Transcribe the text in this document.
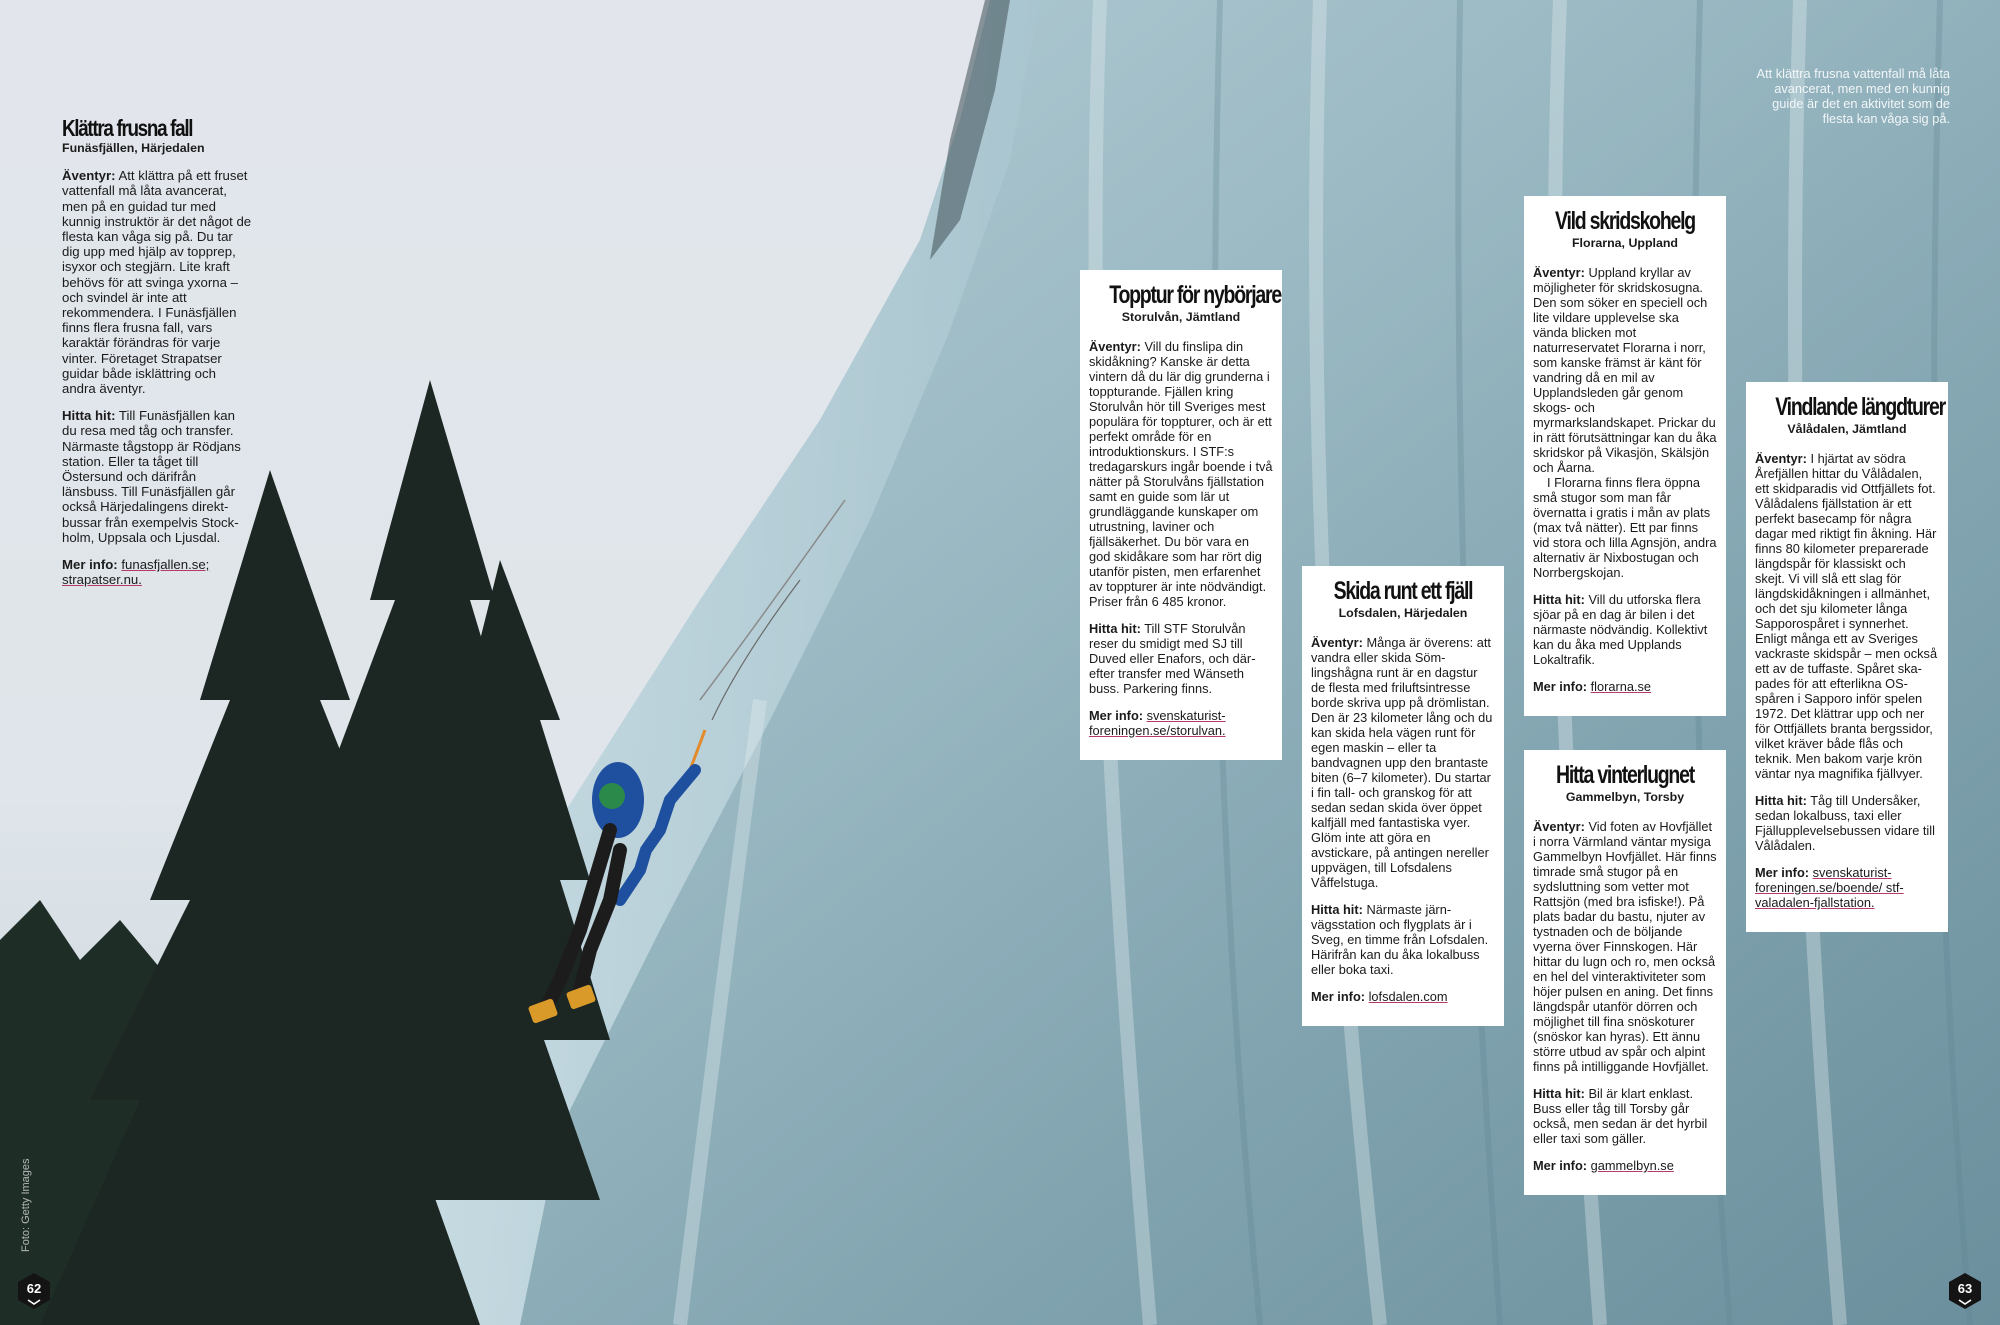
Klättra frusna fall
Funäsfjällen, Härjedalen

Äventyr: Att klättra på ett fruset vattenfall må låta avancerat, men på en guidad tur med kunnig instruktör är det något de flesta kan våga sig på. Du tar dig upp med hjälp av topprep, isyxor och stegjärn. Lite kraft behövs för att svinga yxorna – och svindel är inte att rekommendera. I Funäsfjällen finns flera frusna fall, vars karaktär förändras för varje vinter. Företaget Strapatser guidar både isklättring och andra äventyr.

Hitta hit: Till Funäsfjällen kan du resa med tåg och transfer. Närmaste tågstopp är Rödjans station. Eller ta tåget till Östersund och därifrån länsbuss. Till Funäsfjällen går också Härjedalingens direktbussar från exempelvis Stockholm, Uppsala och Ljusdal.

Mer info: funasfjallen.se; strapatser.nu.

Att klättra frusna vattenfall må låta avancerat, men med en kunnig guide är det en aktivitet som de flesta kan våga sig på.
Topptur för nybörjare
Storulvån, Jämtland

Äventyr: Vill du finslipa din skidåkning? Kanske är detta vintern då du lär dig grunderna i toppturande. Fjällen kring Storulvån hör till Sveriges mest populära för toppturer, och är ett perfekt område för en introduktionskurs. I STF:s tredagarskurs ingår boende i två nätter på Storulvåns fjällstation samt en guide som lär ut grundläggande kunskaper om utrustning, laviner och fjällsäkerhet. Du bör vara en god skidåkare som har rört dig utanför pisten, men erfarenhet av toppturer är inte nödvändigt. Priser från 6 485 kronor.

Hitta hit: Till STF Storulvån reser du smidigt med SJ till Duved eller Enafors, och därefter transfer med Wänseth buss. Parkering finns.

Mer info: svenskaturistforeningen.se/storulvan.

Skida runt ett fjäll
Lofsdalen, Härjedalen

Äventyr: Många är överens: att vandra eller skida Sömlingshågna runt är en dagstur de flesta med friluftsintresse borde skriva upp på drömlistan. Den är 23 kilometer lång och du kan skida hela vägen runt för egen maskin – eller ta bandvagnen upp den brantaste biten (6–7 kilometer). Du startar i fin tall- och granskog för att sedan sedan skida över öppet kalfjäll med fantastiska vyer. Glöm inte att göra en avstickare, på antingen nereller uppvägen, till Lofsdalens Våffelstuga.

Hitta hit: Närmaste järnvägsstation och flygplats är i Sveg, en timme från Lofsdalen. Härifrån kan du åka lokalbuss eller boka taxi.

Mer info: lofsdalen.com

Vild skridskohelg
Florarna, Uppland

Äventyr: Uppland kryllar av möjligheter för skridskosugna. Den som söker en speciell och lite vildare upplevelse ska vända blicken mot naturreservatet Florarna i norr, som kanske främst är känt för vandring då en mil av Upplandsleden går genom skogs- och myrmarkslandskapet. Prickar du in rätt förutsättningar kan du åka skridskor på Vikasjön, Skälsjön och Åarna.

I Florarna finns flera öppna små stugor som man får övernatta i gratis i mån av plats (max två nätter). Ett par finns vid stora och lilla Agnsjön, andra alternativ är Nixbostugan och Norrbergskojan.

Hitta hit: Vill du utforska flera sjöar på en dag är bilen i det närmaste nödvändig. Kollektivt kan du åka med Upplands Lokaltrafik.

Mer info: florarna.se

Hitta vinterlugnet
Gammelbyn, Torsby

Äventyr: Vid foten av Hovfjället i norra Värmland väntar mysiga Gammelbyn Hovfjället. Här finns timrade små stugor på en sydsluttning som vetter mot Rattsjön (med bra isfiske!). På plats badar du bastu, njuter av tystnaden och de böljande vyerna över Finnskogen. Här hittar du lugn och ro, men också en hel del vinteraktiviteter som höjer pulsen en aning. Det finns längdspår utanför dörren och möjlighet till fina snöskoturer (snöskor kan hyras). Ett ännu större utbud av spår och alpint finns på intilliggande Hovfjället.

Hitta hit: Bil är klart enklast. Buss eller tåg till Torsby går också, men sedan är det hyrbil eller taxi som gäller.

Mer info: gammelbyn.se

Vindlande längdturer
Vålådalen, Jämtland

Äventyr: I hjärtat av södra Årefjällen hittar du Vålådalen, ett skidparadis vid Ottfjällets fot. Vålådalens fjällstation är ett perfekt basecamp för några dagar med riktigt fin åkning. Här finns 80 kilometer preparerade längdspår för klassiskt och skejt. Vi vill slå ett slag för längdskidåkningen i allmänhet, och det sju kilometer långa Sapporospåret i synnerhet. Enligt många ett av Sveriges vackraste skidspår – men också ett av de tuffaste. Spåret skapades för att efterlikna OS-spåren i Sapporo inför spelen 1972. Det klättrar upp och ner för Ottfjällets branta bergssidor, vilket kräver både flås och teknik. Men bakom varje krön väntar nya magnifika fjällvyer.

Hitta hit: Tåg till Undersåker, sedan lokalbuss, taxi eller Fjällupplevelsebussen vidare till Vålådalen.

Mer info: svenskaturistforeningen.se/boende/ stf-valadalen-fjallstation.

Foto: Getty Images
62	63
